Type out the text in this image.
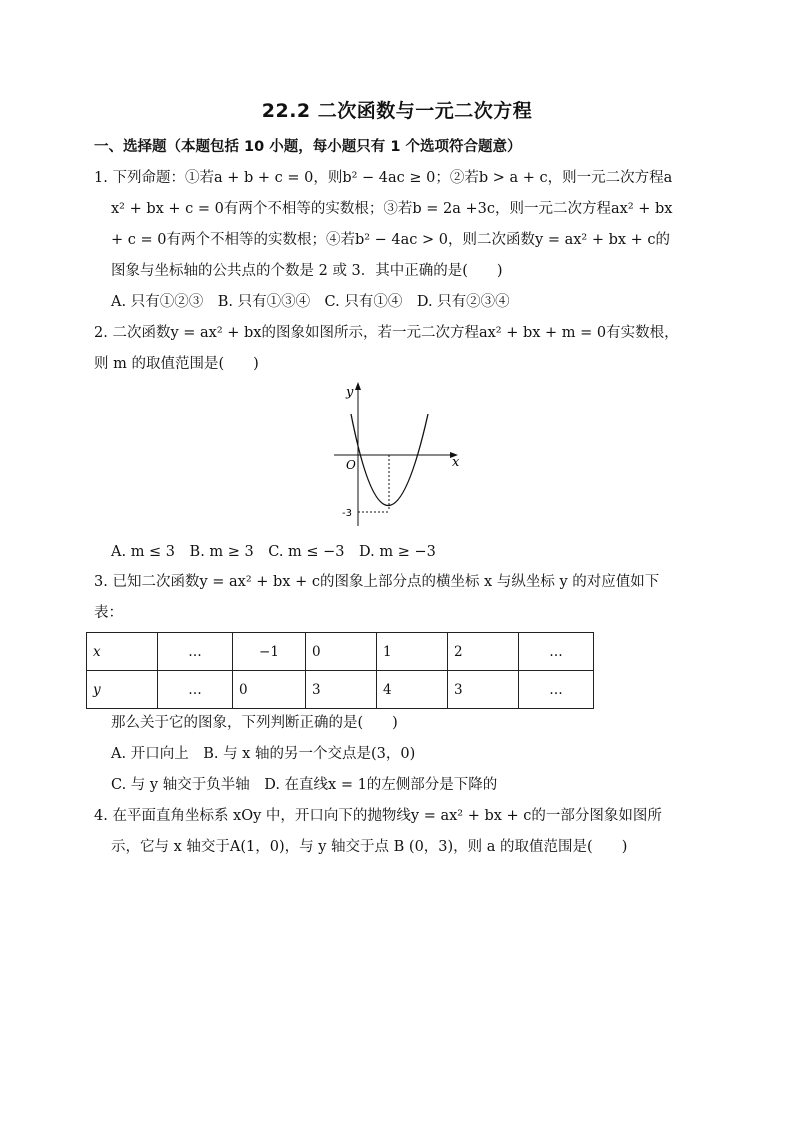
22.2 二次函数与一元二次方程
一、选择题（本题包括 10 小题，每小题只有 1 个选项符合题意）
1. 下列命题：①若a + b + c = 0，则b² − 4ac ≥ 0；②若b > a + c，则一元二次方程a
x² + bx + c = 0有两个不相等的实数根；③若b = 2a +3c，则一元二次方程ax² + bx
+ c = 0有两个不相等的实数根；④若b² − 4ac > 0，则二次函数y = ax² + bx + c的
图象与坐标轴的公共点的个数是 2 或 3．其中正确的是(　　)
A. 只有①②③　B. 只有①③④　C. 只有①④　D. 只有②③④
2. 二次函数y = ax² + bx的图象如图所示，若一元二次方程ax² + bx + m = 0有实数根，
则 m 的取值范围是(　　)
y
x
O
-3
A. m ≤ 3　B. m ≥ 3　C. m ≤ −3　D. m ≥ −3
3. 已知二次函数y = ax² + bx + c的图象上部分点的横坐标 x 与纵坐标 y 的对应值如下
表：
x	…	−1	0	1	2	…
y	…	0	3	4	3	…
那么关于它的图象，下列判断正确的是(　　)
A. 开口向上　B. 与 x 轴的另一个交点是(3，0)
C. 与 y 轴交于负半轴　D. 在直线x = 1的左侧部分是下降的
4. 在平面直角坐标系 xOy 中，开口向下的抛物线y = ax² + bx + c的一部分图象如图所
示，它与 x 轴交于A(1，0)，与 y 轴交于点 B (0，3)，则 a 的取值范围是(　　)
